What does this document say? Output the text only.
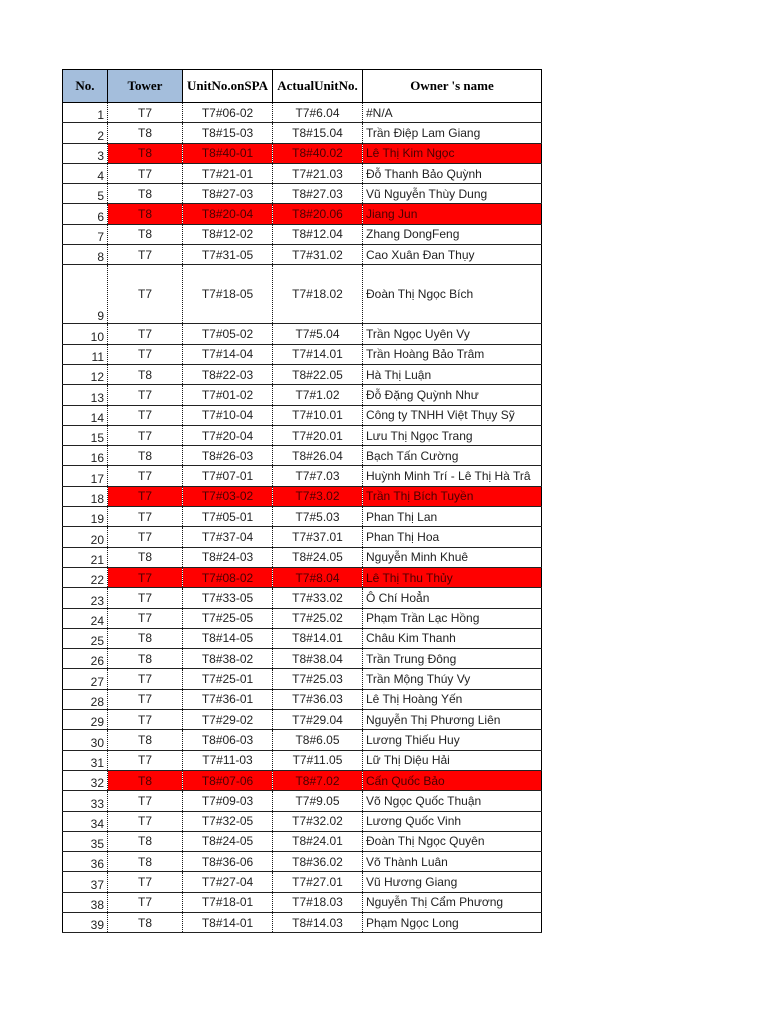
No.	Tower	UnitNo.onSPA	ActualUnitNo.	Owner 's name
1	T7	T7#06-02	T7#6.04	#N/A
2	T8	T8#15-03	T8#15.04	Trần Điệp Lam Giang
3	T8	T8#40-01	T8#40.02	Lê Thị Kim Ngọc
4	T7	T7#21-01	T7#21.03	Đỗ Thanh Bảo Quỳnh
5	T8	T8#27-03	T8#27.03	Vũ Nguyễn Thùy Dung
6	T8	T8#20-04	T8#20.06	Jiang Jun
7	T8	T8#12-02	T8#12.04	Zhang DongFeng
8	T7	T7#31-05	T7#31.02	Cao Xuân Đan Thụy
9	T7	T7#18-05	T7#18.02	Đoàn Thị Ngọc Bích
10	T7	T7#05-02	T7#5.04	Trần Ngọc Uyên Vy
11	T7	T7#14-04	T7#14.01	Trần Hoàng Bảo Trâm
12	T8	T8#22-03	T8#22.05	Hà Thị Luận
13	T7	T7#01-02	T7#1.02	Đỗ Đặng Quỳnh Như
14	T7	T7#10-04	T7#10.01	Công ty TNHH Việt Thụy Sỹ
15	T7	T7#20-04	T7#20.01	Lưu Thị Ngọc Trang
16	T8	T8#26-03	T8#26.04	Bạch Tấn Cường
17	T7	T7#07-01	T7#7.03	Huỳnh Minh Trí - Lê Thị Hà Trâ
18	T7	T7#03-02	T7#3.02	Trần Thị Bích Tuyền
19	T7	T7#05-01	T7#5.03	Phan Thị Lan
20	T7	T7#37-04	T7#37.01	Phan Thị Hoa
21	T8	T8#24-03	T8#24.05	Nguyễn Minh Khuê
22	T7	T7#08-02	T7#8.04	Lê Thị Thu Thủy
23	T7	T7#33-05	T7#33.02	Ô Chí Hoẳn
24	T7	T7#25-05	T7#25.02	Phạm Trần Lạc Hồng
25	T8	T8#14-05	T8#14.01	Châu Kim Thanh
26	T8	T8#38-02	T8#38.04	Trần Trung Đông
27	T7	T7#25-01	T7#25.03	Trần Mộng Thúy Vy
28	T7	T7#36-01	T7#36.03	Lê Thị Hoàng Yến
29	T7	T7#29-02	T7#29.04	Nguyễn Thị Phương Liên
30	T8	T8#06-03	T8#6.05	Lương Thiếu Huy
31	T7	T7#11-03	T7#11.05	Lữ Thị Diệu Hải
32	T8	T8#07-06	T8#7.02	Cấn Quốc Bảo
33	T7	T7#09-03	T7#9.05	Võ Ngọc Quốc Thuận
34	T7	T7#32-05	T7#32.02	Lương Quốc Vinh
35	T8	T8#24-05	T8#24.01	Đoàn Thị Ngọc Quyên
36	T8	T8#36-06	T8#36.02	Võ Thành Luân
37	T7	T7#27-04	T7#27.01	Vũ Hương Giang
38	T7	T7#18-01	T7#18.03	Nguyễn Thị Cẩm Phương
39	T8	T8#14-01	T8#14.03	Phạm Ngọc Long
